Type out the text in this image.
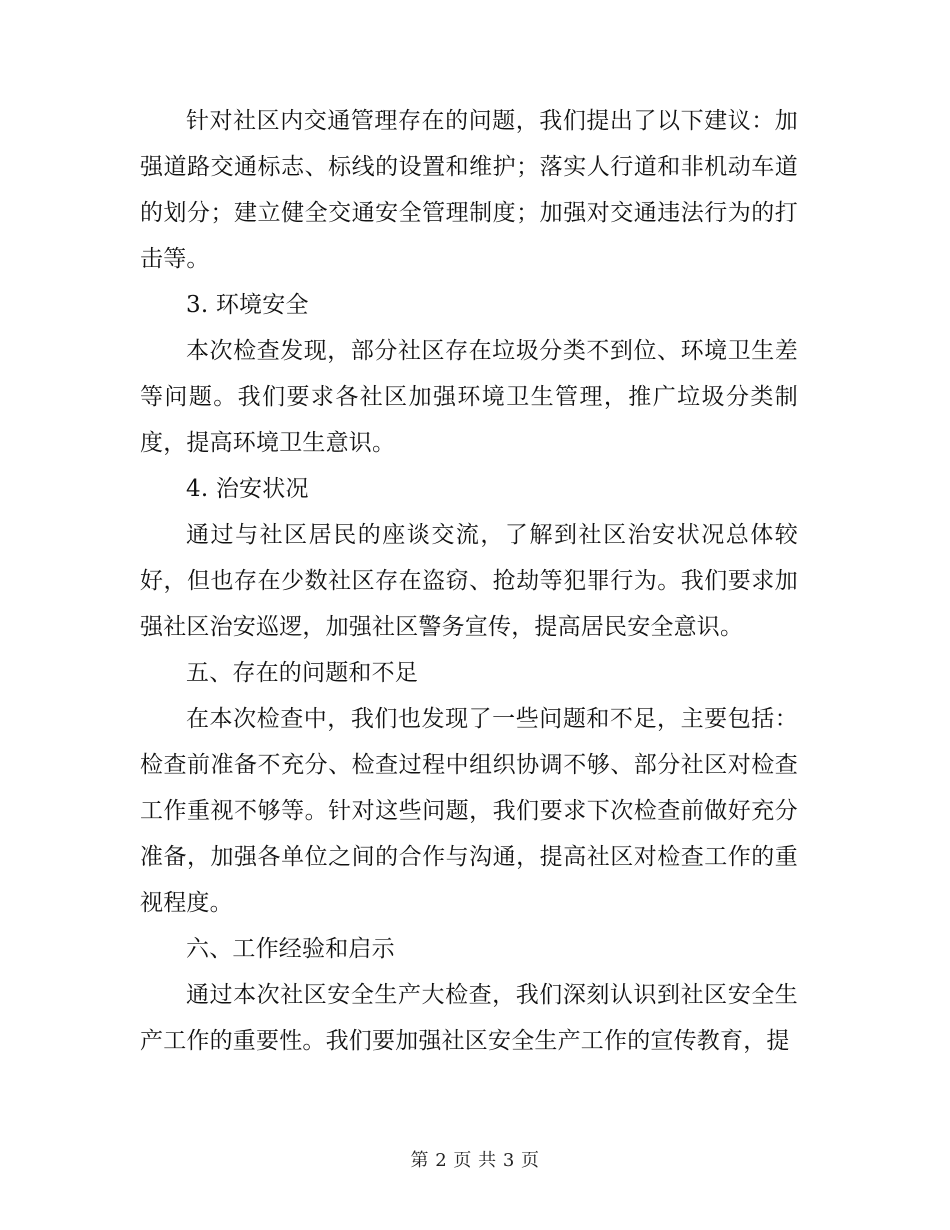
针对社区内交通管理存在的问题，我们提出了以下建议：加强道路交通标志、标线的设置和维护；落实人行道和非机动车道的划分；建立健全交通安全管理制度；加强对交通违法行为的打击等。

3. 环境安全

本次检查发现，部分社区存在垃圾分类不到位、环境卫生差等问题。我们要求各社区加强环境卫生管理，推广垃圾分类制度，提高环境卫生意识。

4. 治安状况

通过与社区居民的座谈交流，了解到社区治安状况总体较好，但也存在少数社区存在盗窃、抢劫等犯罪行为。我们要求加强社区治安巡逻，加强社区警务宣传，提高居民安全意识。

五、存在的问题和不足

在本次检查中，我们也发现了一些问题和不足，主要包括：检查前准备不充分、检查过程中组织协调不够、部分社区对检查工作重视不够等。针对这些问题，我们要求下次检查前做好充分准备，加强各单位之间的合作与沟通，提高社区对检查工作的重视程度。

六、工作经验和启示

通过本次社区安全生产大检查，我们深刻认识到社区安全生产工作的重要性。我们要加强社区安全生产工作的宣传教育，提

第 2 页 共 3 页
